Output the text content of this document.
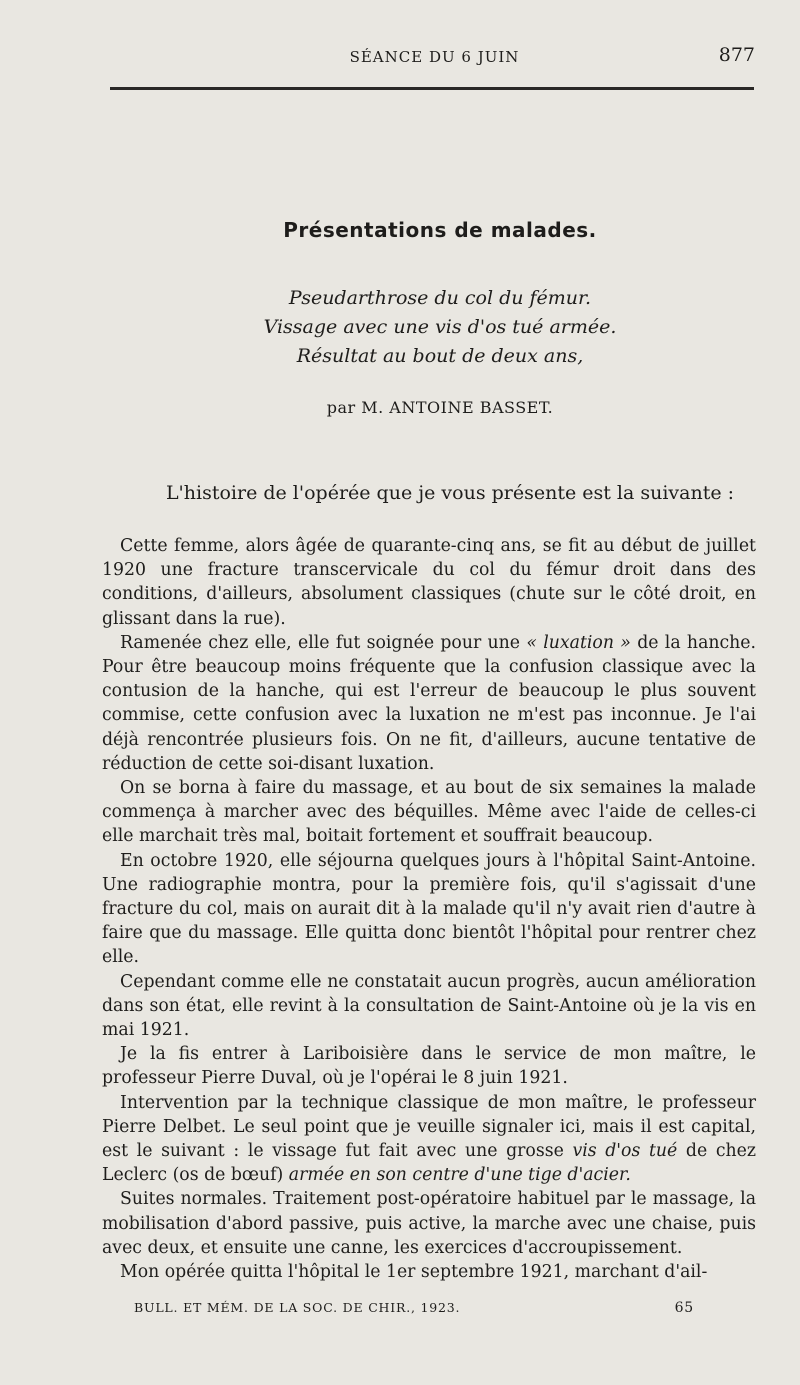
SÉANCE DU 6 JUIN	877
Présentations de malades.
Pseudarthrose du col du fémur.
Vissage avec une vis d'os tué armée.
Résultat au bout de deux ans,
par M. ANTOINE BASSET.
L'histoire de l'opérée que je vous présente est la suivante :

Cette femme, alors âgée de quarante-cinq ans, se fit au début de juillet 1920 une fracture transcervicale du col du fémur droit dans des conditions, d'ailleurs, absolument classiques (chute sur le côté droit, en glissant dans la rue).

Ramenée chez elle, elle fut soignée pour une « luxation » de la hanche. Pour être beaucoup moins fréquente que la confusion classique avec la contusion de la hanche, qui est l'erreur de beaucoup le plus souvent commise, cette confusion avec la luxation ne m'est pas inconnue. Je l'ai déjà rencontrée plusieurs fois. On ne fit, d'ailleurs, aucune tentative de réduction de cette soi-disant luxation.

On se borna à faire du massage, et au bout de six semaines la malade commença à marcher avec des béquilles. Même avec l'aide de celles-ci elle marchait très mal, boitait fortement et souffrait beaucoup.

En octobre 1920, elle séjourna quelques jours à l'hôpital Saint-Antoine. Une radiographie montra, pour la première fois, qu'il s'agissait d'une fracture du col, mais on aurait dit à la malade qu'il n'y avait rien d'autre à faire que du massage. Elle quitta donc bientôt l'hôpital pour rentrer chez elle.

Cependant comme elle ne constatait aucun progrès, aucun amélioration dans son état, elle revint à la consultation de Saint-Antoine où je la vis en mai 1921.

Je la fis entrer à Lariboisière dans le service de mon maître, le professeur Pierre Duval, où je l'opérai le 8 juin 1921.

Intervention par la technique classique de mon maître, le professeur Pierre Delbet. Le seul point que je veuille signaler ici, mais il est capital, est le suivant : le vissage fut fait avec une grosse vis d'os tué de chez Leclerc (os de bœuf) armée en son centre d'une tige d'acier.

Suites normales. Traitement post-opératoire habituel par le massage, la mobilisation d'abord passive, puis active, la marche avec une chaise, puis avec deux, et ensuite une canne, les exercices d'accroupissement.

Mon opérée quitta l'hôpital le 1er septembre 1921, marchant d'ail-

BULL. ET MÉM. DE LA SOC. DE CHIR., 1923.	65
